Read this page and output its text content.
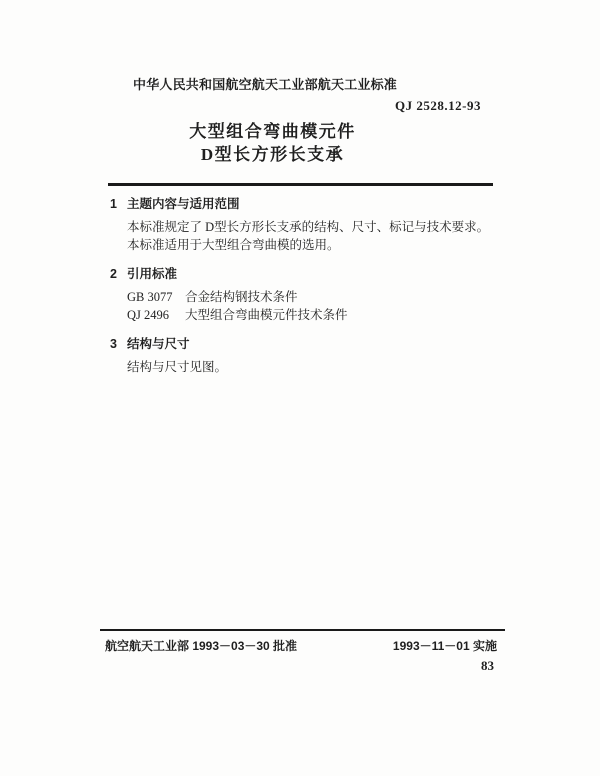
中华人民共和国航空航天工业部航天工业标准
QJ 2528.12-93
大型组合弯曲模元件
D型长方形长支承
1 主题内容与适用范围
本标准规定了 D型长方形长支承的结构、尺寸、标记与技术要求。
本标准适用于大型组合弯曲模的选用。
2 引用标准
GB 3077	合金结构钢技术条件
QJ 2496	大型组合弯曲模元件技术条件
3 结构与尺寸
结构与尺寸见图。
航空航天工业部 1993－03－30 批准	1993－11－01 实施
83
